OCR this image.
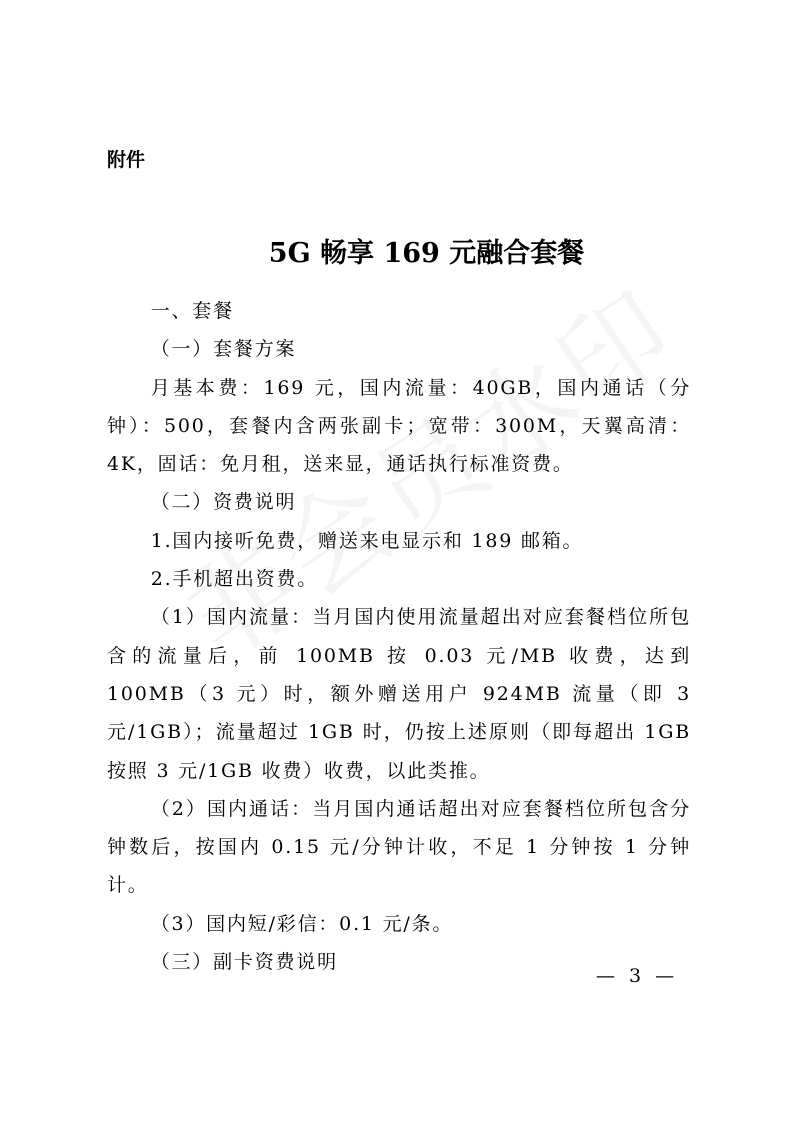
附件
5G 畅享 169 元融合套餐

一、套餐

（一）套餐方案

月基本费：169 元，国内流量：40GB，国内通话（分钟）：500，套餐内含两张副卡；宽带：300M，天翼高清：4K，固话：免月租，送来显，通话执行标准资费。

（二）资费说明

1.国内接听免费，赠送来电显示和 189 邮箱。

2.手机超出资费。

（1）国内流量：当月国内使用流量超出对应套餐档位所包含的流量后，前 100MB 按 0.03 元/MB 收费，达到 100MB（3 元）时，额外赠送用户 924MB 流量（即 3 元/1GB）；流量超过 1GB 时，仍按上述原则（即每超出 1GB 按照 3 元/1GB 收费）收费，以此类推。

（2）国内通话：当月国内通话超出对应套餐档位所包含分钟数后，按国内 0.15 元/分钟计收，不足 1 分钟按 1 分钟计。

（3）国内短/彩信：0.1 元/条。

（三）副卡资费说明

— 3 —
